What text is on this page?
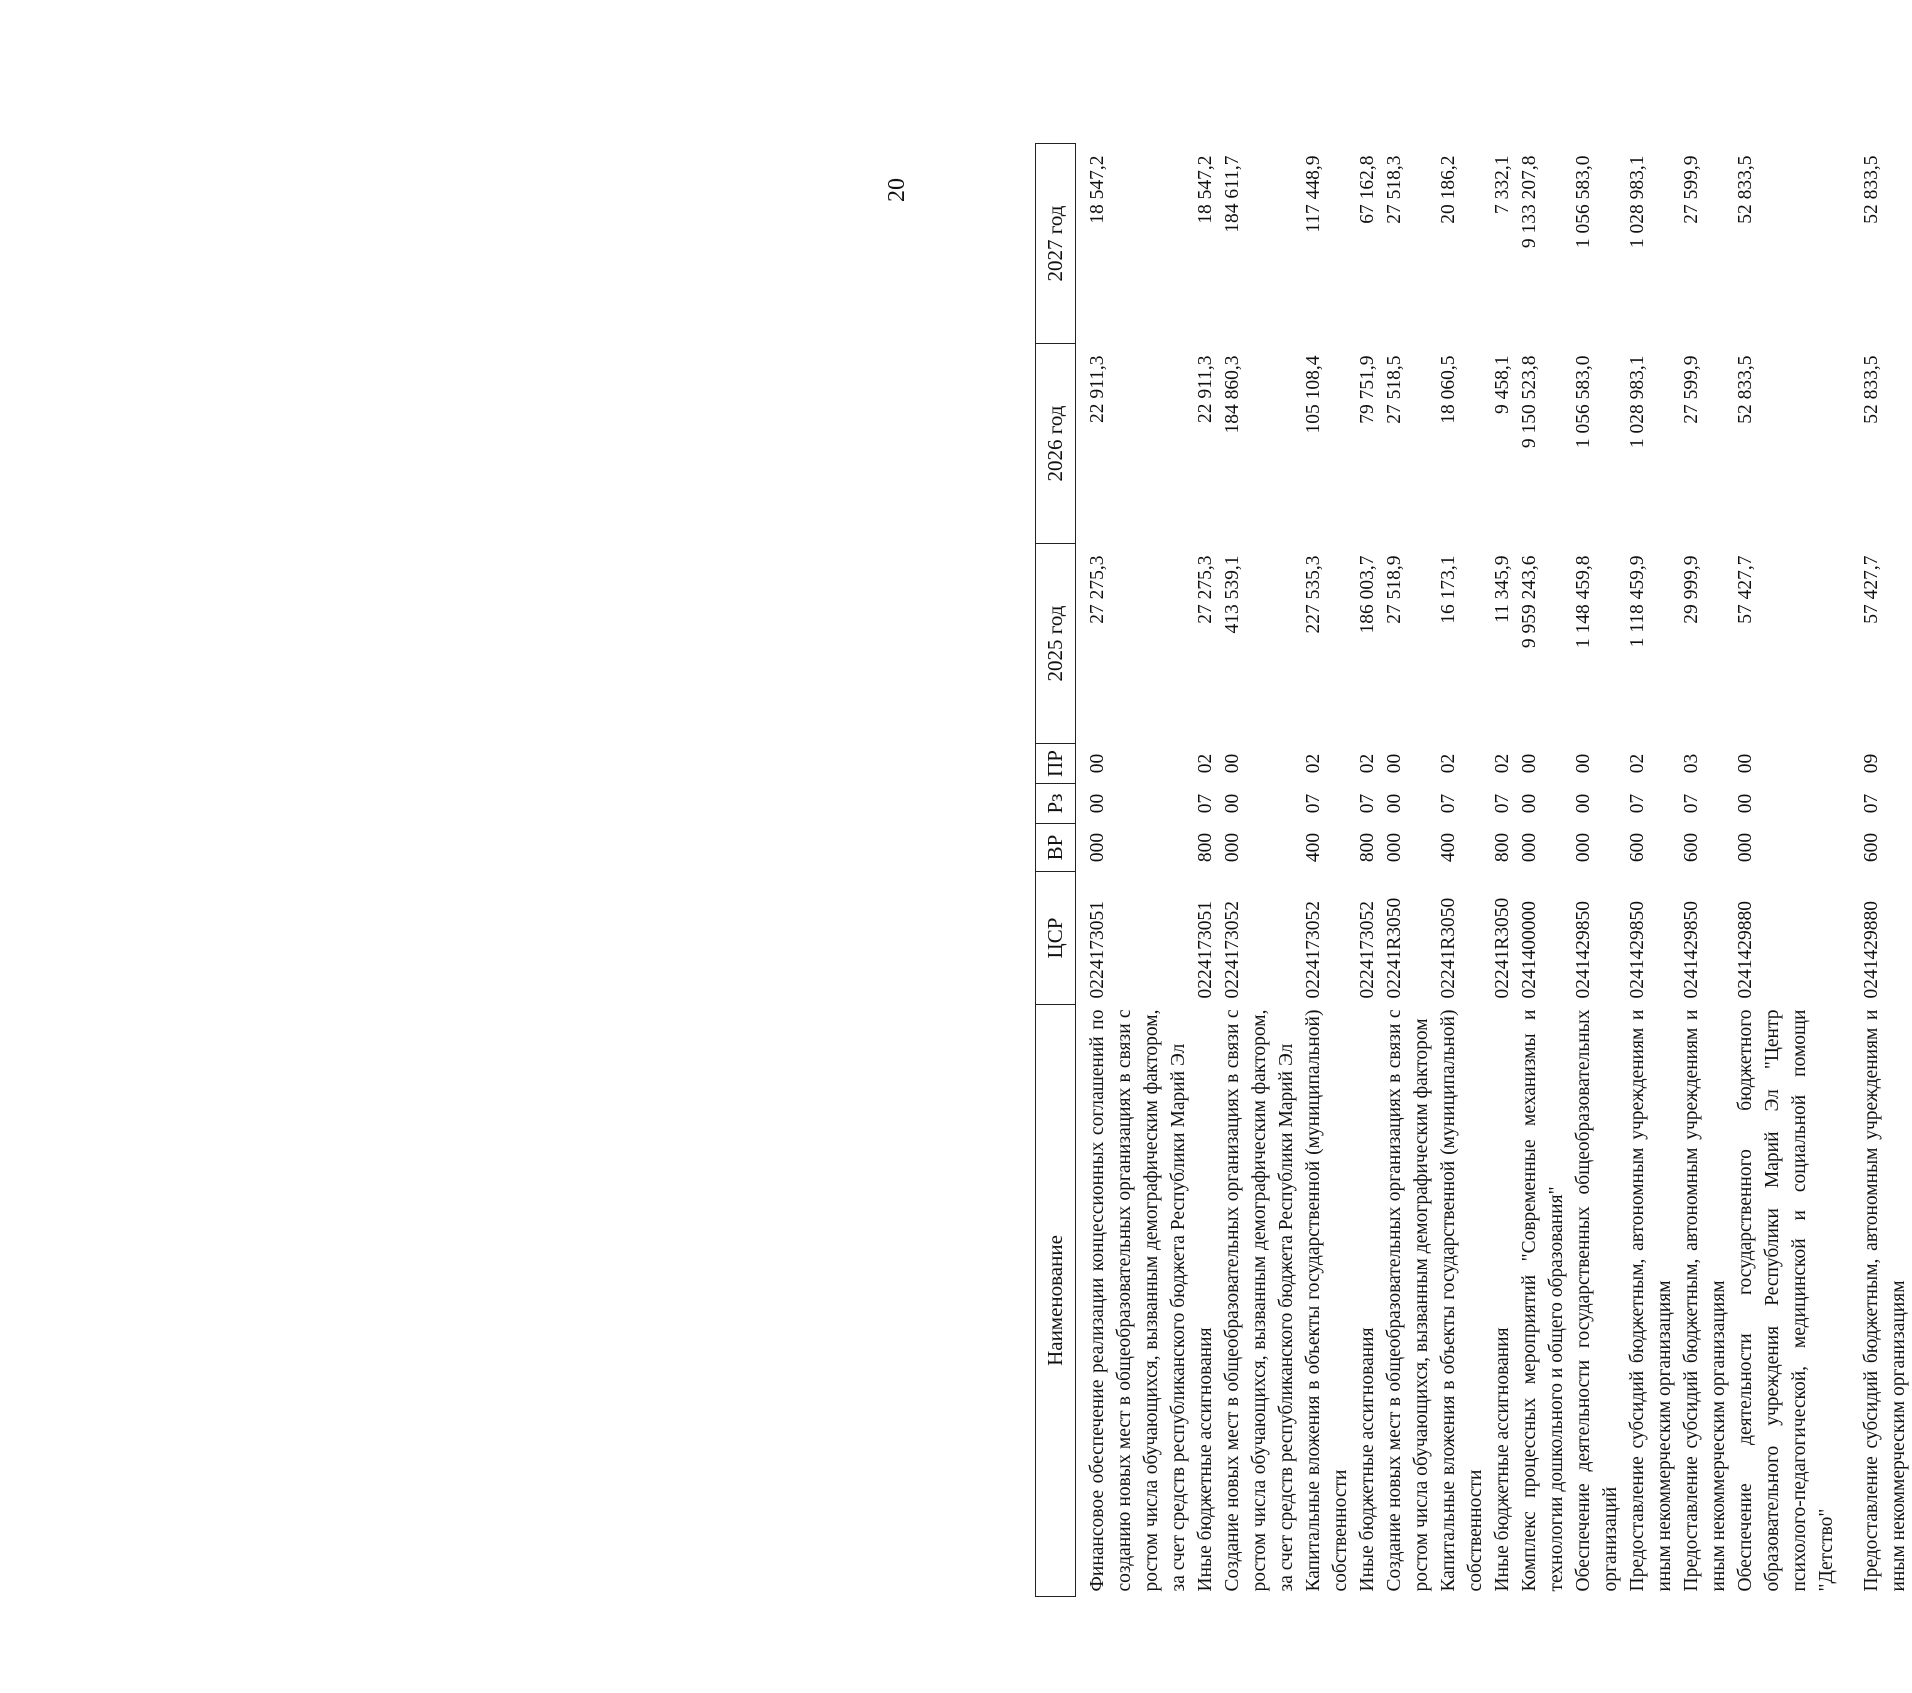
20
Наименование	ЦСР	ВР	Рз	ПР	2025 год	2026 год	2027 год
Финансовое обеспечение реализации концессионных соглашений по созданию новых мест в общеобразовательных организациях в связи с ростом числа обучающихся, вызванным демографическим фактором, за счет средств республиканского бюджета Республики Марий Эл	0224173051	000	00	00	27 275,3	22 911,3	18 547,2
Иные бюджетные ассигнования	0224173051	800	07	02	27 275,3	22 911,3	18 547,2
Создание новых мест в общеобразовательных организациях в связи с ростом числа обучающихся, вызванным демографическим фактором, за счет средств республиканского бюджета Республики Марий Эл	0224173052	000	00	00	413 539,1	184 860,3	184 611,7
Капитальные вложения в объекты государственной (муниципальной) собственности	0224173052	400	07	02	227 535,3	105 108,4	117 448,9
Иные бюджетные ассигнования	0224173052	800	07	02	186 003,7	79 751,9	67 162,8
Создание новых мест в общеобразовательных организациях в связи с ростом числа обучающихся, вызванным демографическим фактором	02241R3050	000	00	00	27 518,9	27 518,5	27 518,3
Капитальные вложения в объекты государственной (муниципальной) собственности	02241R3050	400	07	02	16 173,1	18 060,5	20 186,2
Иные бюджетные ассигнования	02241R3050	800	07	02	11 345,9	9 458,1	7 332,1
Комплекс процессных мероприятий "Современные механизмы и технологии дошкольного и общего образования"	0241400000	000	00	00	9 959 243,6	9 150 523,8	9 133 207,8
Обеспечение деятельности государственных общеобразовательных организаций	0241429850	000	00	00	1 148 459,8	1 056 583,0	1 056 583,0
Предоставление субсидий бюджетным, автономным учреждениям и иным некоммерческим организациям	0241429850	600	07	02	1 118 459,9	1 028 983,1	1 028 983,1
Предоставление субсидий бюджетным, автономным учреждениям и иным некоммерческим организациям	0241429850	600	07	03	29 999,9	27 599,9	27 599,9
Обеспечение деятельности государственного бюджетного образовательного учреждения Республики Марий Эл "Центр психолого-педагогической, медицинской и социальной помощи "Детство"	0241429880	000	00	00	57 427,7	52 833,5	52 833,5
Предоставление субсидий бюджетным, автономным учреждениям и иным некоммерческим организациям	0241429880	600	07	09	57 427,7	52 833,5	52 833,5
